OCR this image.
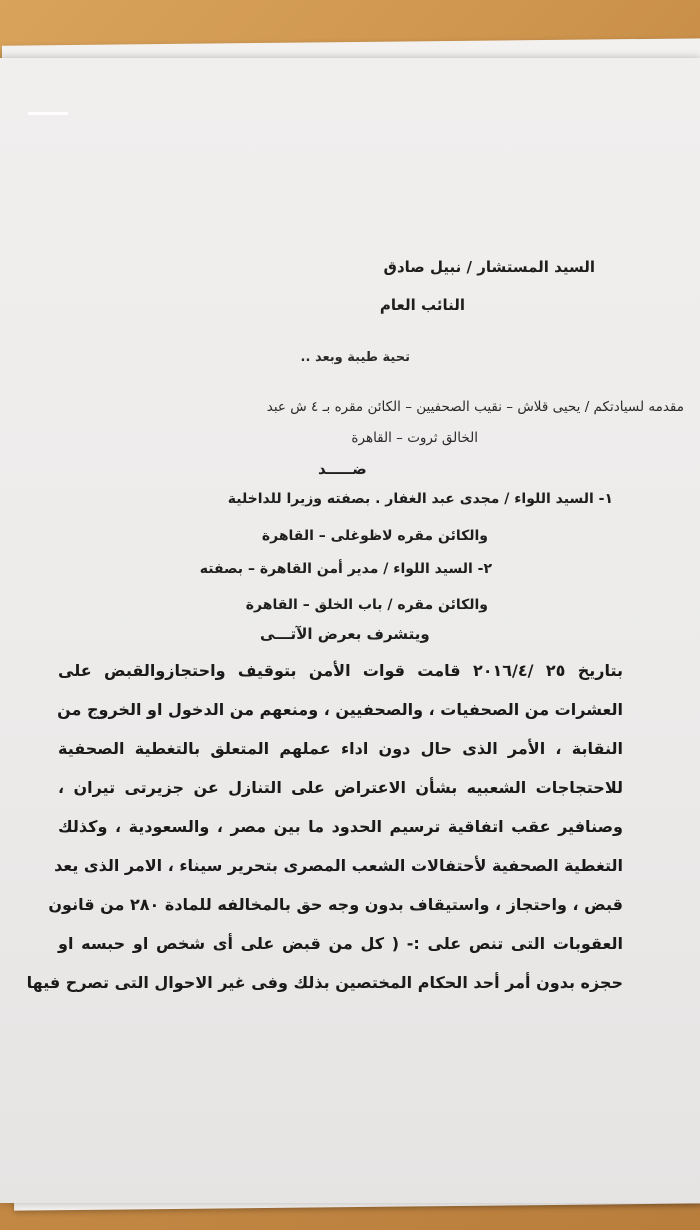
السيد المستشار / نبيل صادق
النائب العام
تحية طيبة وبعد ..
مقدمه لسيادتكم / يحيى قلاش – نقيب الصحفيين – الكائن مقره بـ ٤ ش عبد
الخالق ثروت – القاهرة
ضـــــد
١- السيد اللواء / مجدى عبد الغفار . بصفته وزيرا للداخلية
والكائن مقره لاظوغلى – القاهرة
٢- السيد اللواء / مدير أمن القاهرة – بصفته
والكائن مقره / باب الخلق – القاهرة
ويتشرف بعرض الآتـــى
بتاريخ ٢٥ /٢٠١٦/٤ قامت قوات الأمن بتوقيف واحتجازوالقبض على
العشرات من الصحفيات ، والصحفيين ، ومنعهم من الدخول او الخروج من
النقابة ، الأمر الذى حال دون اداء عملهم المتعلق بالتغطية الصحفية
للاحتجاجات الشعبيه بشأن الاعتراض على التنازل عن جزيرتى تيران ،
وصنافير عقب اتفاقية ترسيم الحدود ما بين مصر ، والسعودية ، وكذلك
التغطية الصحفية لأحتفالات الشعب المصرى بتحرير سيناء ، الامر الذى يعد
قبض ، واحتجاز ، واستيقاف بدون وجه حق بالمخالفه للمادة ٢٨٠ من قانون
العقوبات التى تنص على :- ( كل من قبض على أى شخص او حبسه او
حجزه بدون أمر أحد الحكام المختصين بذلك وفى غير الاحوال التى تصرح فيها
